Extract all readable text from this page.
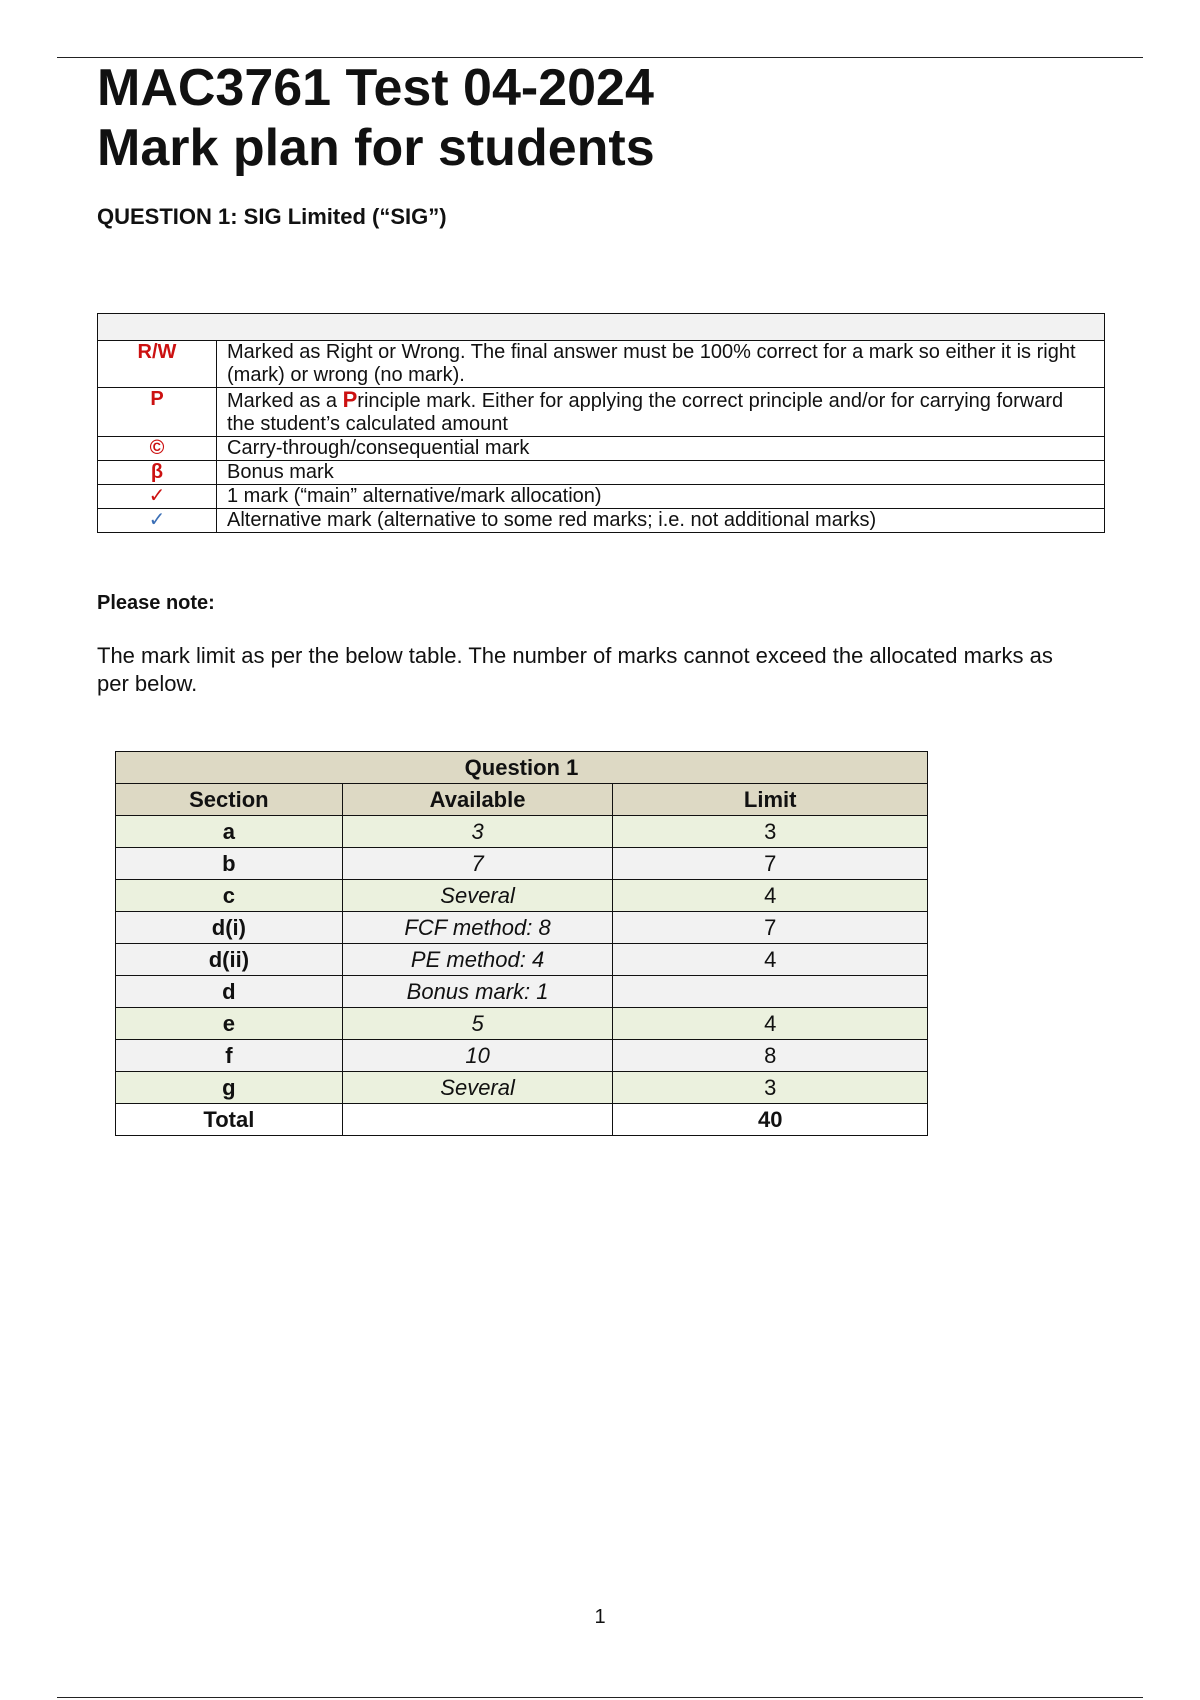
MAC3761 Test 04-2024
Mark plan for students

QUESTION 1: SIG Limited (“SIG”)

R/W	Marked as Right or Wrong. The final answer must be 100% correct for a mark so either it is right (mark) or wrong (no mark).
P	Marked as a Principle mark. Either for applying the correct principle and/or for carrying forward the student’s calculated amount
©	Carry-through/consequential mark
β	Bonus mark
✓	1 mark (“main” alternative/mark allocation)
✓	Alternative mark (alternative to some red marks; i.e. not additional marks)

Please note:

The mark limit as per the below table. The number of marks cannot exceed the allocated marks as per below.

Question 1		
Section	Available	Limit
a	3	3
b	7	7
c	Several	4
d(i)	FCF method: 8	7
d(ii)	PE method: 4	4
d	Bonus mark: 1	
e	5	4
f	10	8
g	Several	3
Total		40

1
